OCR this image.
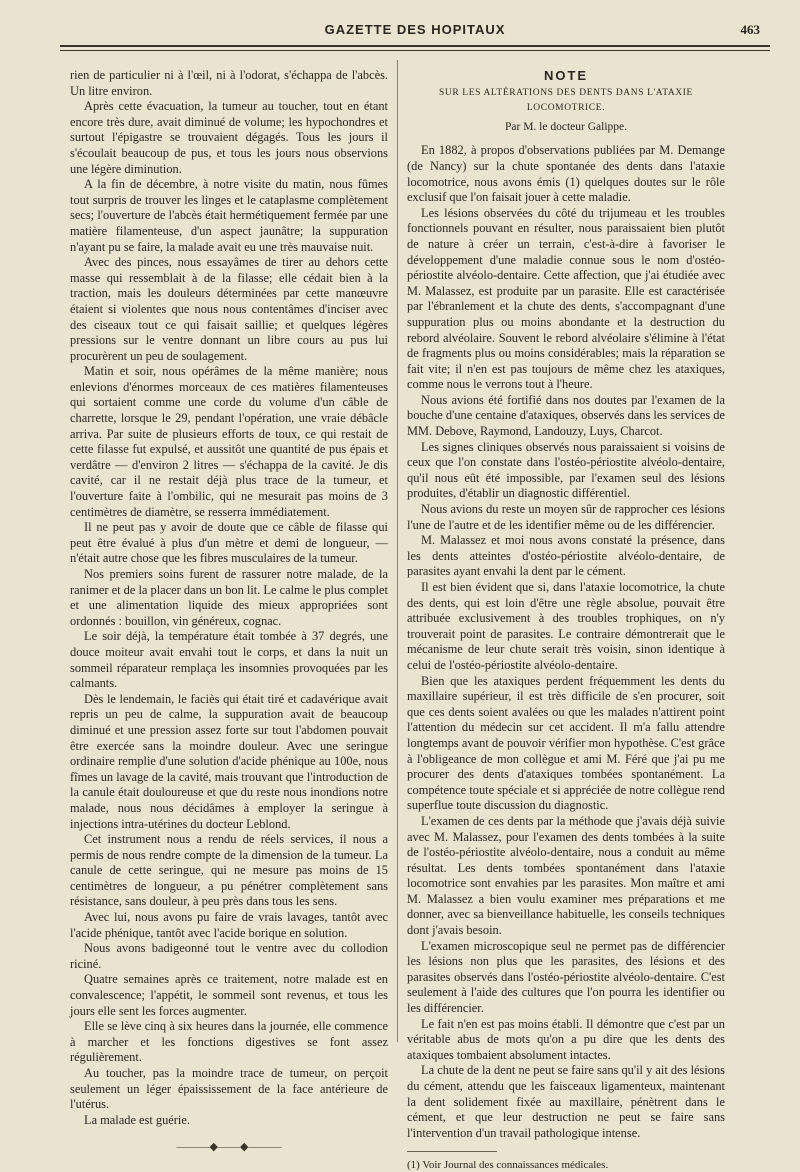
GAZETTE DES HOPITAUX	463

rien de particulier ni à l'œil, ni à l'odorat, s'échappa de l'abcès. Un litre environ.

Après cette évacuation, la tumeur au toucher, tout en étant encore très dure, avait diminué de volume; les hypochondres et surtout l'épigastre se trouvaient dégagés. Tous les jours il s'écoulait beaucoup de pus, et tous les jours nous observions une légère diminution.

A la fin de décembre, à notre visite du matin, nous fûmes tout surpris de trouver les linges et le cataplasme complètement secs; l'ouverture de l'abcès était hermétiquement fermée par une matière filamenteuse, d'un aspect jaunâtre; la suppuration n'ayant pu se faire, la malade avait eu une très mauvaise nuit.

Avec des pinces, nous essayâmes de tirer au dehors cette masse qui ressemblait à de la filasse; elle cédait bien à la traction, mais les douleurs déterminées par cette manœuvre étaient si violentes que nous nous contentâmes d'inciser avec des ciseaux tout ce qui faisait saillie; et quelques légères pressions sur le ventre donnant un libre cours au pus lui procurèrent un peu de soulagement.

Matin et soir, nous opérâmes de la même manière; nous enlevions d'énormes morceaux de ces matières filamenteuses qui sortaient comme une corde du volume d'un câble de charrette, lorsque le 29, pendant l'opération, une vraie débâcle arriva. Par suite de plusieurs efforts de toux, ce qui restait de cette filasse fut expulsé, et aussitôt une quantité de pus épais et verdâtre — d'environ 2 litres — s'échappa de la cavité. Je dis cavité, car il ne restait déjà plus trace de la tumeur, et l'ouverture faite à l'ombilic, qui ne mesurait pas moins de 3 centimètres de diamètre, se resserra immédiatement.

Il ne peut pas y avoir de doute que ce câble de filasse qui peut être évalué à plus d'un mètre et demi de longueur, — n'était autre chose que les fibres musculaires de la tumeur.

Nos premiers soins furent de rassurer notre malade, de la ranimer et de la placer dans un bon lit. Le calme le plus complet et une alimentation liquide des mieux appropriées sont ordonnés : bouillon, vin généreux, cognac.

Le soir déjà, la température était tombée à 37 degrés, une douce moiteur avait envahi tout le corps, et dans la nuit un sommeil réparateur remplaça les insomnies provoquées par les calmants.

Dès le lendemain, le faciès qui était tiré et cadavérique avait repris un peu de calme, la suppuration avait de beaucoup diminué et une pression assez forte sur tout l'abdomen pouvait être exercée sans la moindre douleur. Avec une seringue ordinaire remplie d'une solution d'acide phénique au 100e, nous fîmes un lavage de la cavité, mais trouvant que l'introduction de la canule était douloureuse et que du reste nous inondions notre malade, nous nous décidâmes à employer la seringue à injections intra-utérines du docteur Leblond.

Cet instrument nous a rendu de réels services, il nous a permis de nous rendre compte de la dimension de la tumeur. La canule de cette seringue, qui ne mesure pas moins de 15 centimètres de longueur, a pu pénétrer complètement sans résistance, sans douleur, à peu près dans tous les sens.

Avec lui, nous avons pu faire de vrais lavages, tantôt avec l'acide phénique, tantôt avec l'acide borique en solution.

Nous avons badigeonné tout le ventre avec du collodion riciné.

Quatre semaines après ce traitement, notre malade est en convalescence; l'appétit, le sommeil sont revenus, et tous les jours elle sent les forces augmenter.

Elle se lève cinq à six heures dans la journée, elle commence à marcher et les fonctions digestives se font assez régulièrement.

Au toucher, pas la moindre trace de tumeur, on perçoit seulement un léger épaississement de la face antérieure de l'utérus.

La malade est guérie.

———◆——◆———
NOTE
SUR LES ALTÉRATIONS DES DENTS DANS L'ATAXIE LOCOMOTRICE.
Par M. le docteur Galippe.

En 1882, à propos d'observations publiées par M. Demange (de Nancy) sur la chute spontanée des dents dans l'ataxie locomotrice, nous avons émis (1) quelques doutes sur le rôle exclusif que l'on faisait jouer à cette maladie.

Les lésions observées du côté du trijumeau et les troubles fonctionnels pouvant en résulter, nous paraissaient bien plutôt de nature à créer un terrain, c'est-à-dire à favoriser le développement d'une maladie connue sous le nom d'ostéo-périostite alvéolo-dentaire. Cette affection, que j'ai étudiée avec M. Malassez, est produite par un parasite. Elle est caractérisée par l'ébranlement et la chute des dents, s'accompagnant d'une suppuration plus ou moins abondante et la destruction du rebord alvéolaire. Souvent le rebord alvéolaire s'élimine à l'état de fragments plus ou moins considérables; mais la réparation se fait vite; il n'en est pas toujours de même chez les ataxiques, comme nous le verrons tout à l'heure.

Nous avions été fortifié dans nos doutes par l'examen de la bouche d'une centaine d'ataxiques, observés dans les services de MM. Debove, Raymond, Landouzy, Luys, Charcot.

Les signes cliniques observés nous paraissaient si voisins de ceux que l'on constate dans l'ostéo-périostite alvéolo-dentaire, qu'il nous eût été impossible, par l'examen seul des lésions produites, d'établir un diagnostic différentiel.

Nous avions du reste un moyen sûr de rapprocher ces lésions l'une de l'autre et de les identifier même ou de les différencier.

M. Malassez et moi nous avons constaté la présence, dans les dents atteintes d'ostéo-périostite alvéolo-dentaire, de parasites ayant envahi la dent par le cément.

Il est bien évident que si, dans l'ataxie locomotrice, la chute des dents, qui est loin d'être une règle absolue, pouvait être attribuée exclusivement à des troubles trophiques, on n'y trouverait point de parasites. Le contraire démontrerait que le mécanisme de leur chute serait très voisin, sinon identique à celui de l'ostéo-périostite alvéolo-dentaire.

Bien que les ataxiques perdent fréquemment les dents du maxillaire supérieur, il est très difficile de s'en procurer, soit que ces dents soient avalées ou que les malades n'attirent point l'attention du médecin sur cet accident. Il m'a fallu attendre longtemps avant de pouvoir vérifier mon hypothèse. C'est grâce à l'obligeance de mon collègue et ami M. Féré que j'ai pu me procurer des dents d'ataxiques tombées spontanément. La compétence toute spéciale et si appréciée de notre collègue rend superflue toute discussion du diagnostic.

L'examen de ces dents par la méthode que j'avais déjà suivie avec M. Malassez, pour l'examen des dents tombées à la suite de l'ostéo-périostite alvéolo-dentaire, nous a conduit au même résultat. Les dents tombées spontanément dans l'ataxie locomotrice sont envahies par les parasites. Mon maître et ami M. Malassez a bien voulu examiner mes préparations et me donner, avec sa bienveillance habituelle, les conseils techniques dont j'avais besoin.

L'examen microscopique seul ne permet pas de différencier les lésions non plus que les parasites, des lésions et des parasites observés dans l'ostéo-périostite alvéolo-dentaire. C'est seulement à l'aide des cultures que l'on pourra les identifier ou les différencier.

Le fait n'en est pas moins établi. Il démontre que c'est par un véritable abus de mots qu'on a pu dire que les dents des ataxiques tombaient absolument intactes.

La chute de la dent ne peut se faire sans qu'il y ait des lésions du cément, attendu que les faisceaux ligamenteux, maintenant la dent solidement fixée au maxillaire, pénètrent dans le cément, et que leur destruction ne peut se faire sans l'intervention d'un travail pathologique intense.

(1) Voir Journal des connaissances médicales.
